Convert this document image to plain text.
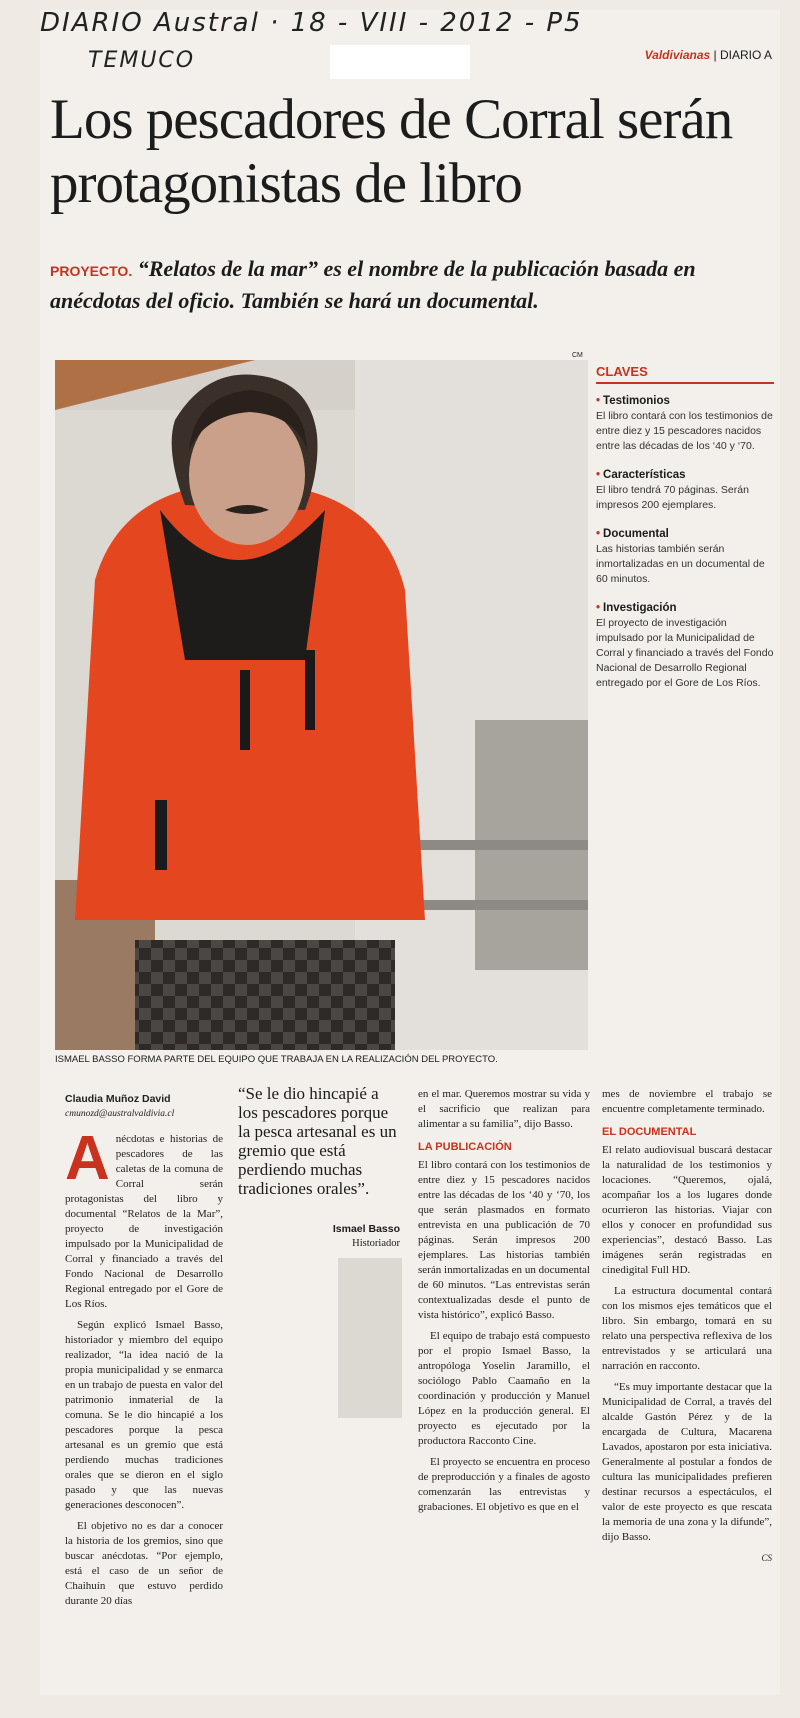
DIARIO Austral · 18 - VIII - 2012 - P5
TEMUCO	Valdivianas | DIARIO A
Los pescadores de Corral serán protagonistas de libro

PROYECTO. “Relatos de la mar” es el nombre de la publicación basada en anécdotas del oficio. También se hará un documental.

CM
ISMAEL BASSO FORMA PARTE DEL EQUIPO QUE TRABAJA EN LA REALIZACIÓN DEL PROYECTO.
CLAVES
• Testimonios
El libro contará con los testimonios de entre diez y 15 pescadores nacidos entre las décadas de los ‘40 y ‘70.
• Características
El libro tendrá 70 páginas. Serán impresos 200 ejemplares.
• Documental
Las historias también serán inmortalizadas en un documental de 60 minutos.
• Investigación
El proyecto de investigación impulsado por la Municipalidad de Corral y financiado a través del Fondo Nacional de Desarrollo Regional entregado por el Gore de Los Ríos.
Claudia Muñoz David
cmunozd@australvaldivia.cl

Anécdotas e historias de pescadores de las caletas de la comuna de Corral serán protagonistas del libro y documental “Relatos de la Mar”, proyecto de investigación impulsado por la Municipalidad de Corral y financiado a través del Fondo Nacional de Desarrollo Regional entregado por el Gore de Los Ríos.

Según explicó Ismael Basso, historiador y miembro del equipo realizador, “la idea nació de la propia municipalidad y se enmarca en un trabajo de puesta en valor del patrimonio inmaterial de la comuna. Se le dio hincapié a los pescadores porque la pesca artesanal es un gremio que está perdiendo muchas tradiciones orales que se dieron en el siglo pasado y que las nuevas generaciones desconocen”.

El objetivo no es dar a conocer la historia de los gremios, sino que buscar anécdotas. “Por ejemplo, está el caso de un señor de Chaihuín que estuvo perdido durante 20 días

“Se le dio hincapié a los pescadores porque la pesca artesanal es un gremio que está perdiendo muchas tradiciones orales”.
Ismael Basso
Historiador

en el mar. Queremos mostrar su vida y el sacrificio que realizan para alimentar a su familia”, dijo Basso.

LA PUBLICACIÓN

El libro contará con los testimonios de entre diez y 15 pescadores nacidos entre las décadas de los ‘40 y ‘70, los que serán plasmados en formato entrevista en una publicación de 70 páginas. Serán impresos 200 ejemplares. Las historias también serán inmortalizadas en un documental de 60 minutos. “Las entrevistas serán contextualizadas desde el punto de vista histórico”, explicó Basso.

El equipo de trabajo está compuesto por el propio Ismael Basso, la antropóloga Yoselin Jaramillo, el sociólogo Pablo Caamaño en la coordinación y producción y Manuel López en la producción general. El proyecto es ejecutado por la productora Racconto Cine.

El proyecto se encuentra en proceso de preproducción y a finales de agosto comenzarán las entrevistas y grabaciones. El objetivo es que en el

mes de noviembre el trabajo se encuentre completamente terminado.

EL DOCUMENTAL

El relato audiovisual buscará destacar la naturalidad de los testimonios y locaciones. “Queremos, ojalá, acompañar los a los lugares donde ocurrieron las historias. Viajar con ellos y conocer en profundidad sus experiencias”, destacó Basso. Las imágenes serán registradas en cinedigital Full HD.

La estructura documental contará con los mismos ejes temáticos que el libro. Sin embargo, tomará en su relato una perspectiva reflexiva de los entrevistados y se articulará una narración en racconto.

“Es muy importante destacar que la Municipalidad de Corral, a través del alcalde Gastón Pérez y de la encargada de Cultura, Macarena Lavados, apostaron por esta iniciativa. Generalmente al postular a fondos de cultura las municipalidades prefieren destinar recursos a espectáculos, el valor de este proyecto es que rescata la memoria de una zona y la difunde”, dijo Basso.

CS
